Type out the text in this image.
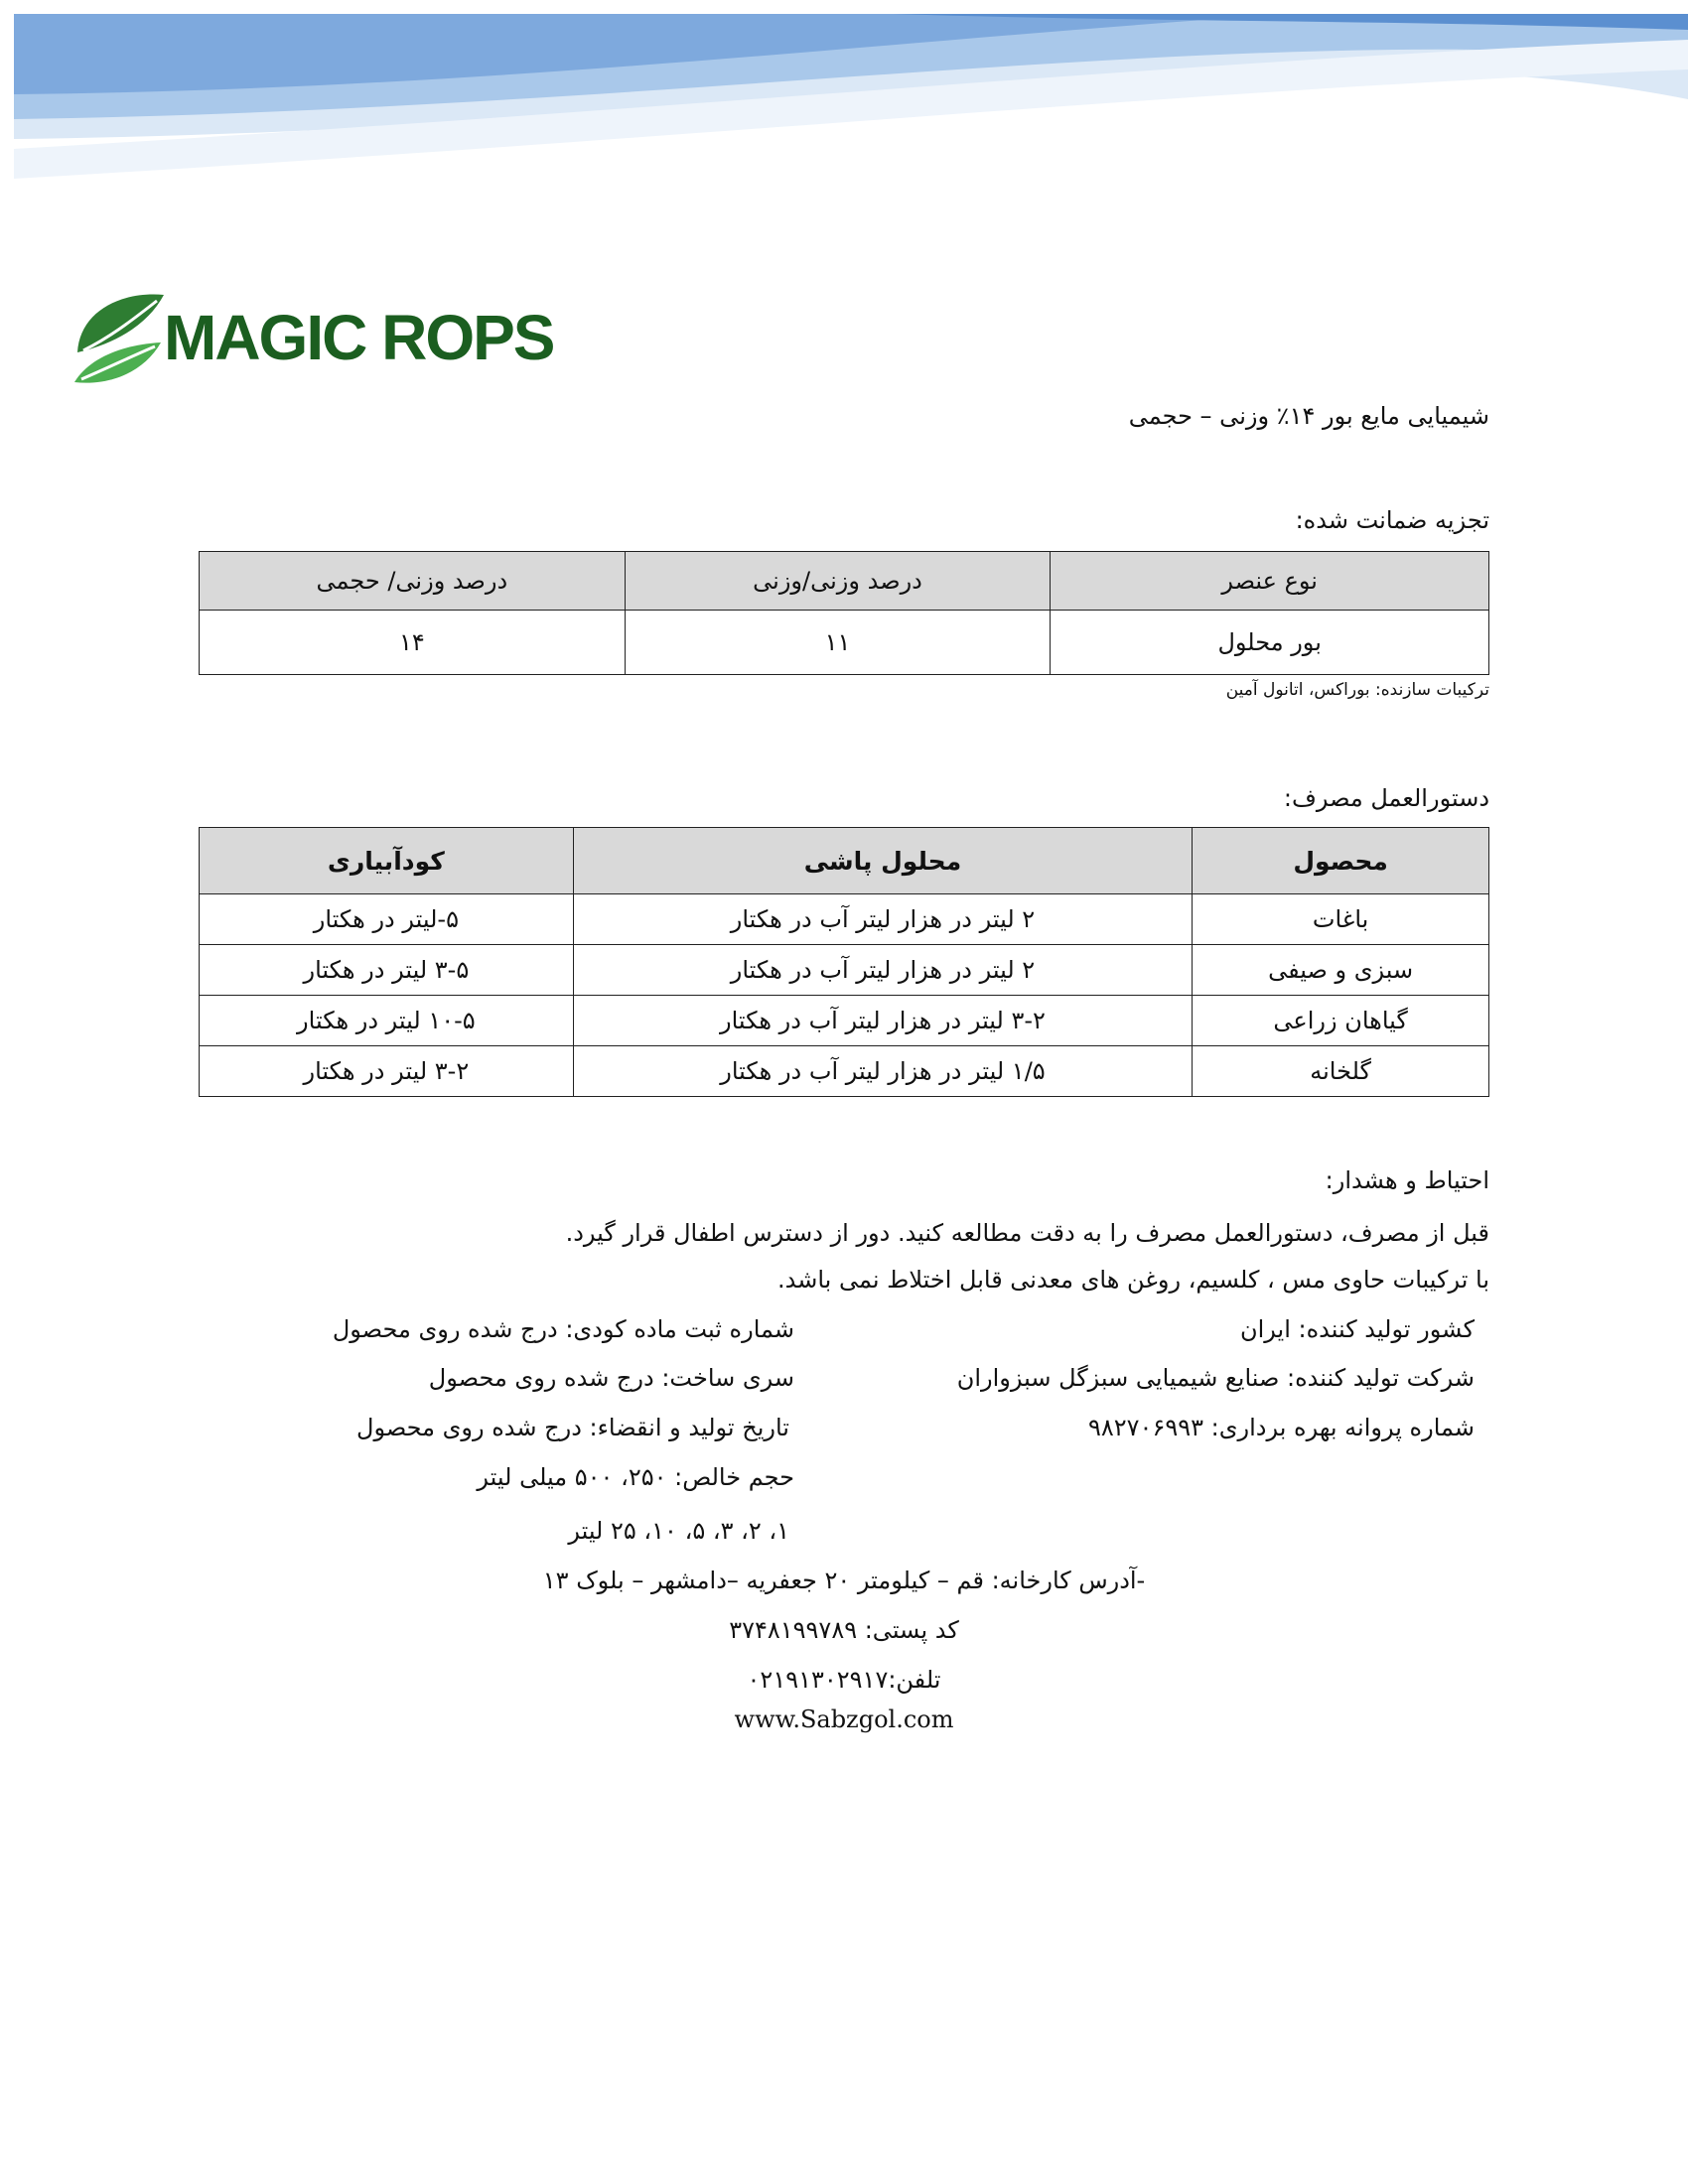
MAGIC ROPS
شیمیایی مایع بور ۱۴٪ وزنی – حجمی
تجزیه ضمانت شده:
نوع عنصر	درصد وزنی/وزنی	درصد وزنی/ حجمی
بور محلول	۱۱	۱۴
ترکیبات سازنده: بوراکس، اتانول آمین
دستورالعمل مصرف:
محصول	محلول پاشی	کودآبیاری
باغات	۲ لیتر در هزار لیتر آب در هکتار	۵-لیتر در هکتار
سبزی و صیفی	۲ لیتر در هزار لیتر آب در هکتار	۳-۵ لیتر در هکتار
گیاهان زراعی	۳-۲ لیتر در هزار لیتر آب در هکتار	۱۰-۵ لیتر در هکتار
گلخانه	۱/۵ لیتر در هزار لیتر آب در هکتار	۳-۲ لیتر در هکتار
احتیاط و هشدار:
قبل از مصرف، دستورالعمل مصرف را به دقت مطالعه کنید. دور از دسترس اطفال قرار گیرد.
با ترکیبات حاوی مس ، کلسیم، روغن های معدنی قابل اختلاط نمی باشد.
کشور تولید کننده: ایران
شرکت تولید کننده: صنایع شیمیایی سبزگل سبزواران
شماره پروانه بهره برداری: ۹۸۲۷۰۶۹۹۳
شماره ثبت ماده کودی: درج شده روی محصول
سری ساخت: درج شده روی محصول
تاریخ تولید و انقضاء: درج شده روی محصول
حجم خالص: ۲۵۰، ۵۰۰ میلی لیتر
۱، ۲، ۳، ۵، ۱۰، ۲۵ لیتر
-آدرس کارخانه: قم – کیلومتر ۲۰ جعفریه –دامشهر – بلوک ۱۳
کد پستی: ۳۷۴۸۱۹۹۷۸۹
تلفن:۰۲۱۹۱۳۰۲۹۱۷
www.Sabzgol.com
